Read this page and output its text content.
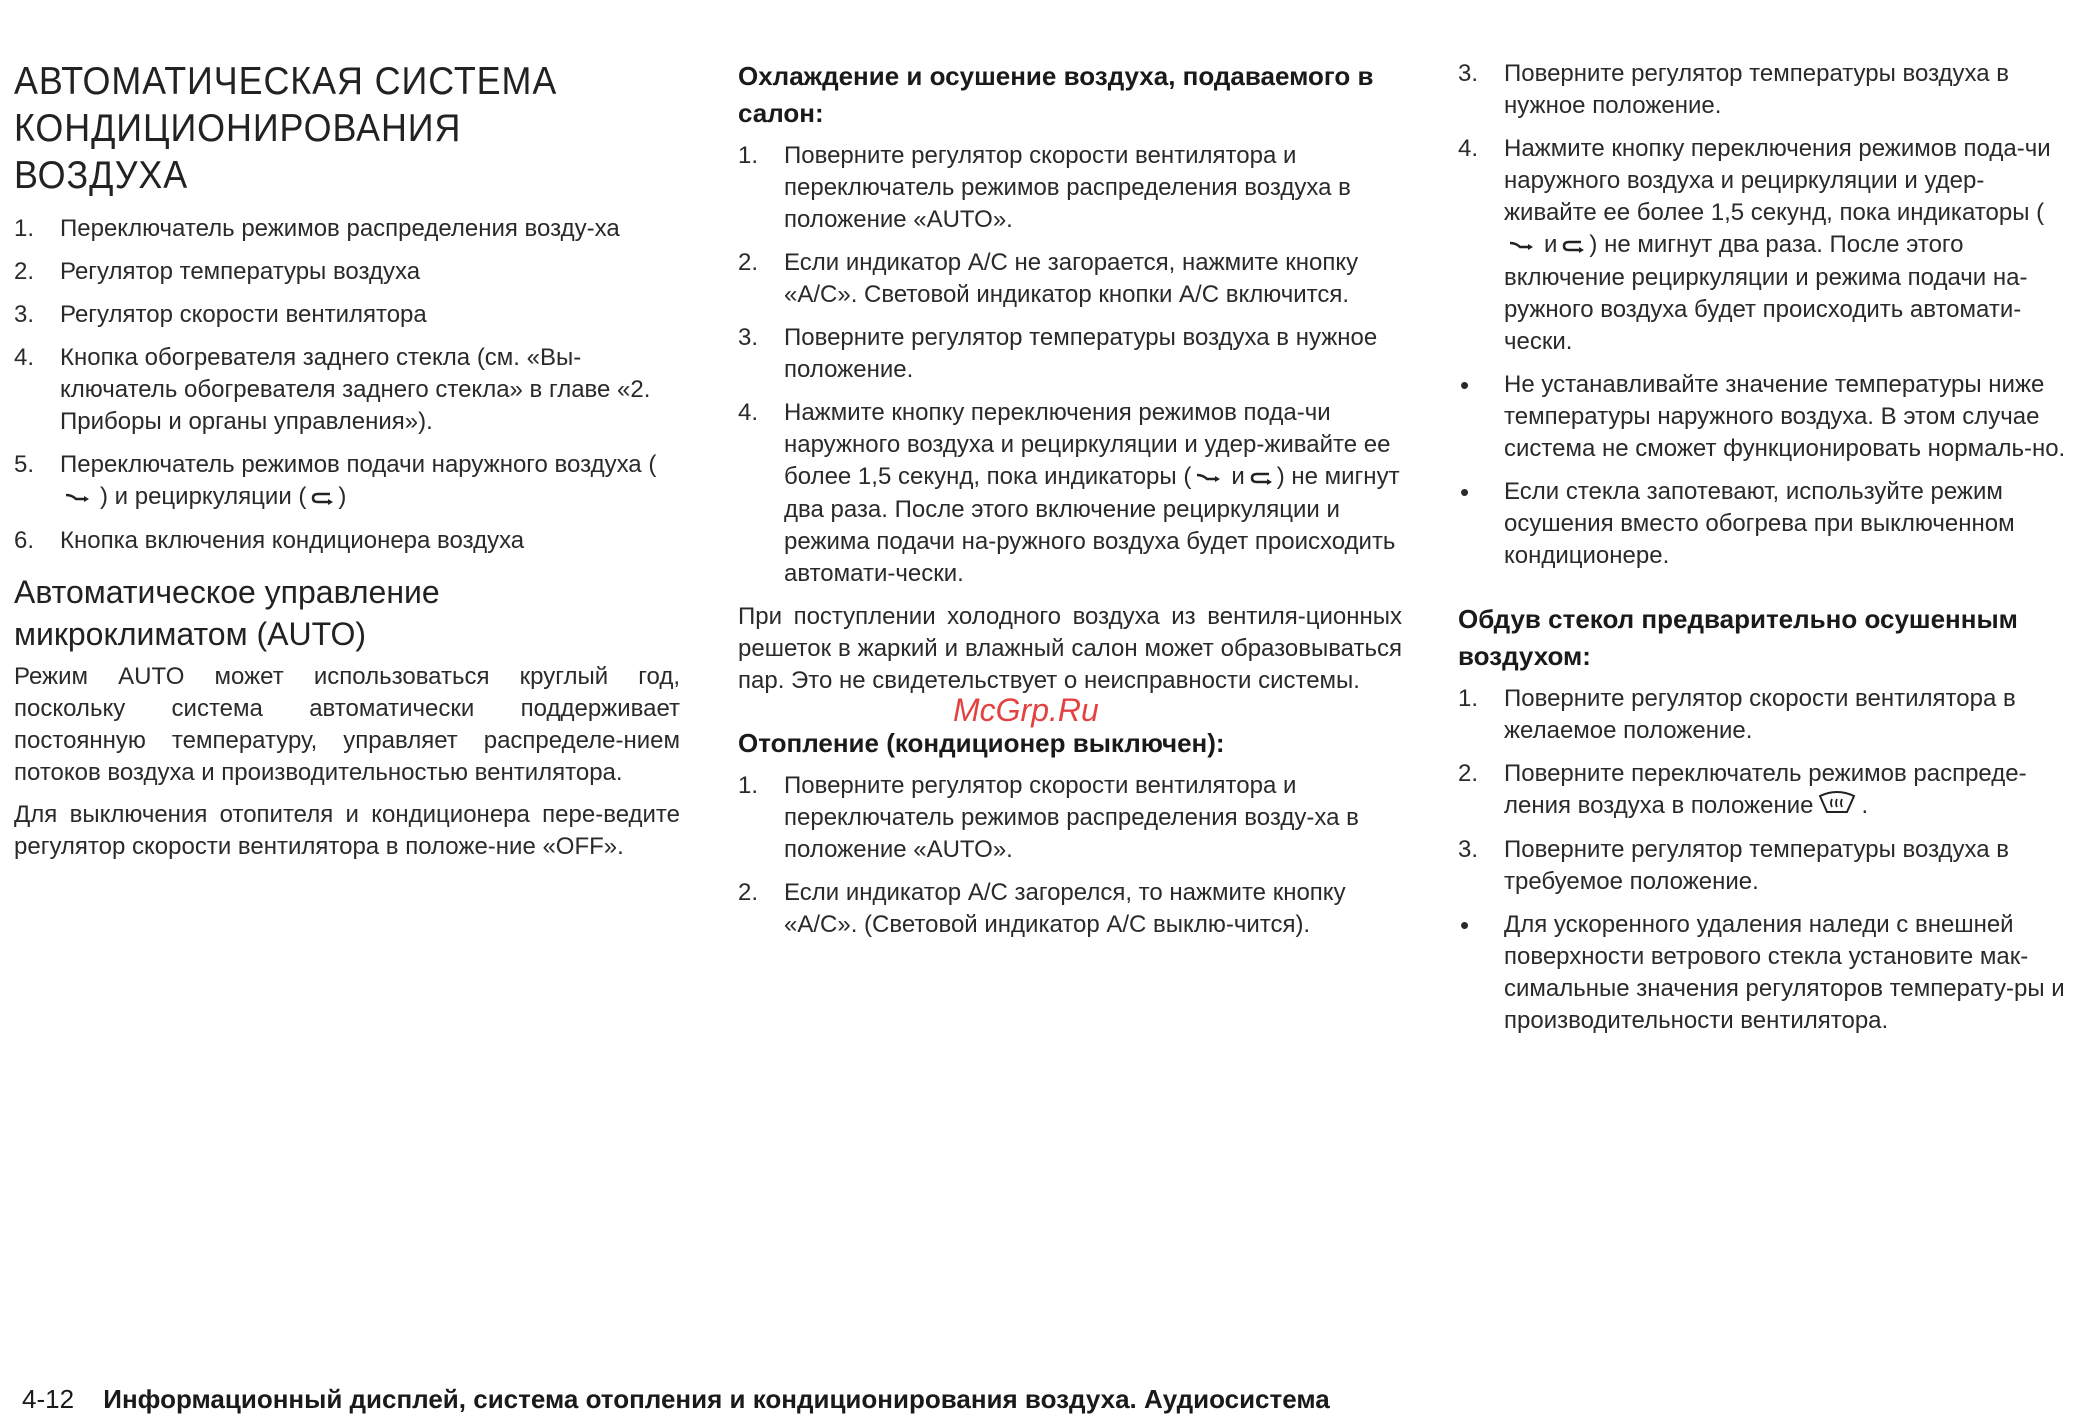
АВТОМАТИЧЕСКАЯ СИСТЕМА
КОНДИЦИОНИРОВАНИЯ ВОЗДУХА
1. Переключатель режимов распределения возду-ха
2. Регулятор температуры воздуха
3. Регулятор скорости вентилятора
4. Кнопка обогревателя заднего стекла (см. «Вы-ключатель обогревателя заднего стекла» в главе «2. Приборы и органы управления»).
5. Переключатель режимов подачи наружного воздуха () и рециркуляции ( )
6. Кнопка включения кондиционера воздуха
Автоматическое управление
микроклиматом (AUTO)

Режим AUTO может использоваться круглый год, поскольку система автоматически поддерживает постоянную температуру, управляет распределе-нием потоков воздуха и производительностью вентилятора.

Для выключения отопителя и кондиционера пере-ведите регулятор скорости вентилятора в положе-ние «OFF».

Охлаждение и осушение воздуха, подаваемого в салон:
1. Поверните регулятор скорости вентилятора и переключатель режимов распределения воздуха в положение «AUTO».
2. Если индикатор A/C не загорается, нажмите кнопку «A/C». Световой индикатор кнопки A/C включится.
3. Поверните регулятор температуры воздуха в нужное положение.
4. Нажмите кнопку переключения режимов пода-чи наружного воздуха и рециркуляции и удер-живайте ее более 1,5 секунд, пока индикаторы ( и ) не мигнут два раза. После этого включение рециркуляции и режима подачи на-ружного воздуха будет происходить автомати-чески.

При поступлении холодного воздуха из вентиля-ционных решеток в жаркий и влажный салон может образовываться пар. Это не свидетельствует о неисправности системы.

Отопление (кондиционер выключен):
1. Поверните регулятор скорости вентилятора и переключатель режимов распределения возду-ха в положение «AUTO».
2. Если индикатор A/C загорелся, то нажмите кнопку «A/C». (Световой индикатор A/C выклю-чится).
3. Поверните регулятор температуры воздуха в нужное положение.
4. Нажмите кнопку переключения режимов пода-чи наружного воздуха и рециркуляции и удер-живайте ее более 1,5 секунд, пока индикаторы (и ) не мигнут два раза. После этого включение рециркуляции и режима подачи на-ружного воздуха будет происходить автомати-чески.
• Не устанавливайте значение температуры ниже температуры наружного воздуха. В этом случае система не сможет функционировать нормаль-но.
• Если стекла запотевают, используйте режим осушения вместо обогрева при выключенном кондиционере.
Обдув стекол предварительно осушенным воздухом:
1. Поверните регулятор скорости вентилятора в желаемое положение.
2. Поверните переключатель режимов распреде-ления воздуха в положение .
3. Поверните регулятор температуры воздуха в требуемое положение.
• Для ускоренного удаления наледи с внешней поверхности ветрового стекла установите мак-симальные значения регуляторов температу-ры и производительности вентилятора.
McGrp.Ru
4-12 Информационный дисплей, система отопления и кондиционирования воздуха. Аудиосистема
